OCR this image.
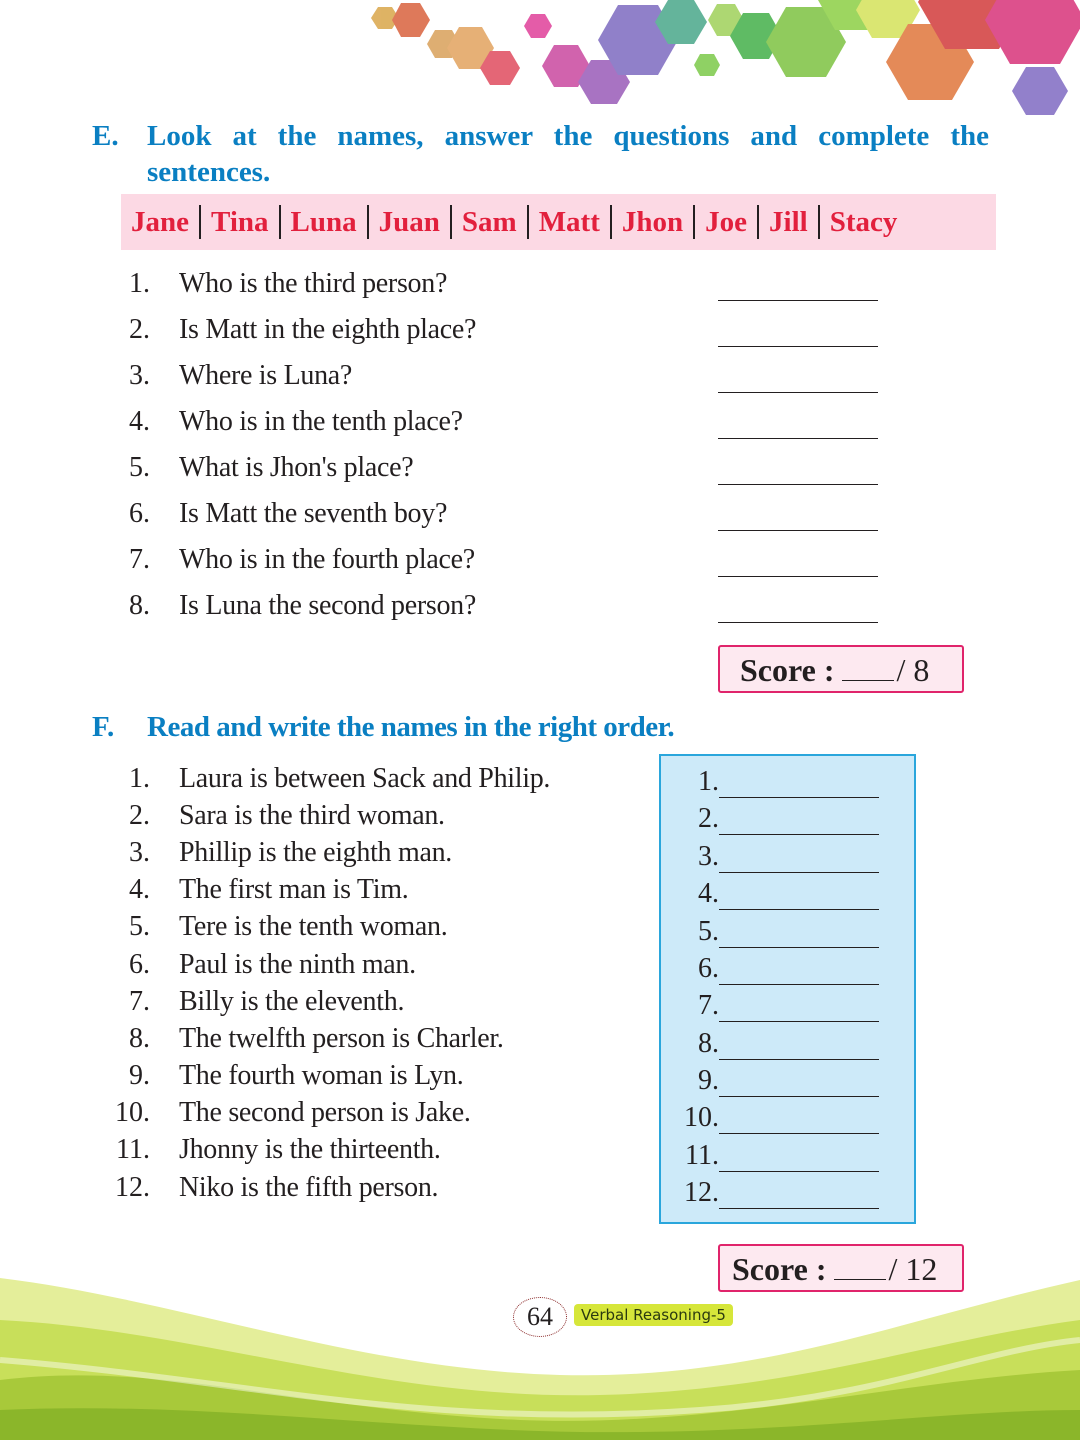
E. Look at the names, answer the questions and complete the
sentences.
Jane Tina Luna Juan Sam Matt Jhon Joe Jill Stacy
1. Who is the third person?
2. Is Matt in the eighth place?
3. Where is Luna?
4. Who is in the tenth place?
5. What is Jhon's place?
6. Is Matt the seventh boy?
7. Who is in the fourth place?
8. Is Luna the second person?
Score : / 8
F. Read and write the names in the right order.
1. Laura is between Sack and Philip.
2. Sara is the third woman.
3. Phillip is the eighth man.
4. The first man is Tim.
5. Tere is the tenth woman.
6. Paul is the ninth man.
7. Billy is the eleventh.
8. The twelfth person is Charler.
9. The fourth woman is Lyn.
10. The second person is Jake.
11. Jhonny is the thirteenth.
12. Niko is the fifth person.
1.
2.
3.
4.
5.
6.
7.
8.
9.
10.
11.
12.
Score : / 12
64	Verbal Reasoning-5
